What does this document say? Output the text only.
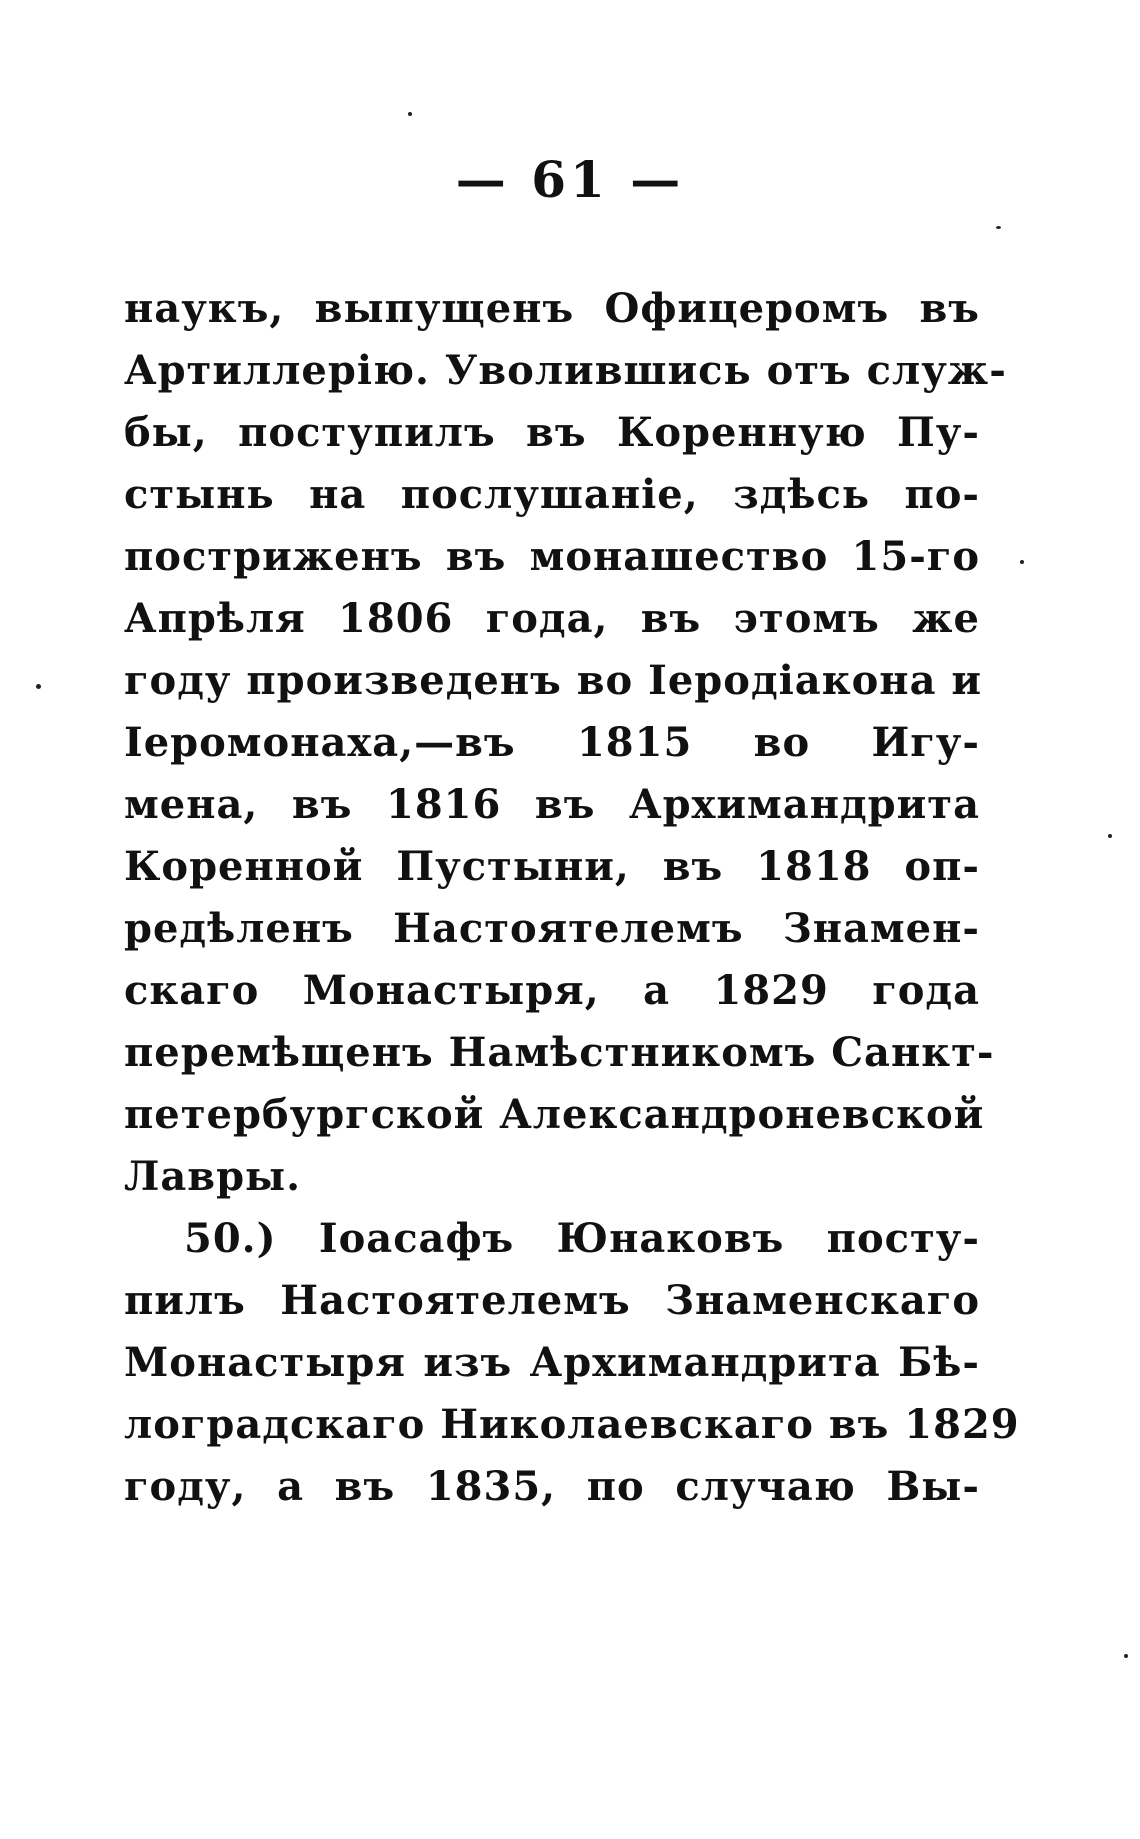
— 61 —
наукъ, выпущенъ Офицеромъ въ
Артиллерію. Уволившись отъ служ-
бы, поступилъ въ Коренную Пу-
стынь на послушаніе, здѣсь по-
постриженъ въ монашество 15-го
Апрѣля 1806 года, въ этомъ же
году произведенъ во Іеродіакона и
Іеромонаха,—въ 1815 во Игу-
мена, въ 1816 въ Архимандрита
Коренной Пустыни, въ 1818 оп-
редѣленъ Настоятелемъ Знамен-
скаго Монастыря, а 1829 года
перемѣщенъ Намѣстникомъ Санкт-
петербургской Александроневской
Лавры.
50.) Іоасафъ Юнаковъ посту-
пилъ Настоятелемъ Знаменскаго
Монастыря изъ Архимандрита Бѣ-
логрaдскаго Николаевскаго въ 1829
году, а въ 1835, по случаю Вы-
